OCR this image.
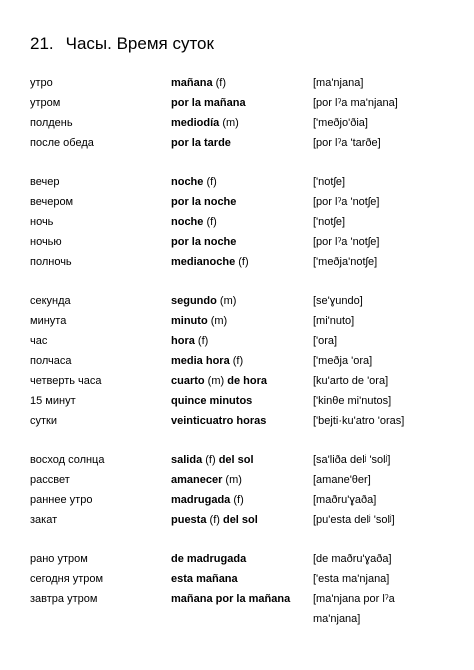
21. Часы. Время суток
утро	mañana (f)	[ma'njana]
утром	por la mañana	[por lˀa ma'njana]
полдень	mediodía (m)	['meðjo'ðia]
после обеда	por la tarde	[por lˀa 'tarðe]
вечер	noche (f)	['notʃe]
вечером	por la noche	[por lˀa 'notʃe]
ночь	noche (f)	['notʃe]
ночью	por la noche	[por lˀa 'notʃe]
полночь	medianoche (f)	['meðja'notʃe]
секунда	segundo (m)	[se'ɣundo]
минута	minuto (m)	[mi'nuto]
час	hora (f)	['ora]
полчаса	media hora (f)	['meðja 'ora]
четверть часа	cuarto (m) de hora	[ku'arto de 'ora]
15 минут	quince minutos	['kinθe mi'nutos]
сутки	veinticuatro horas	['bejti·ku'atro 'oras]
восход солнца	salida (f) del sol	[sa'liða delʲ 'solʲ]
рассвет	amanecer (m)	[amane'θer]
раннее утро	madrugada (f)	[maðru'ɣaða]
закат	puesta (f) del sol	[pu'esta delʲ 'solʲ]
рано утром	de madrugada	[de maðru'ɣaða]
сегодня утром	esta mañana	['esta ma'njana]
завтра утром	mañana por la mañana [ma'njana por lˀa ma'njana]
